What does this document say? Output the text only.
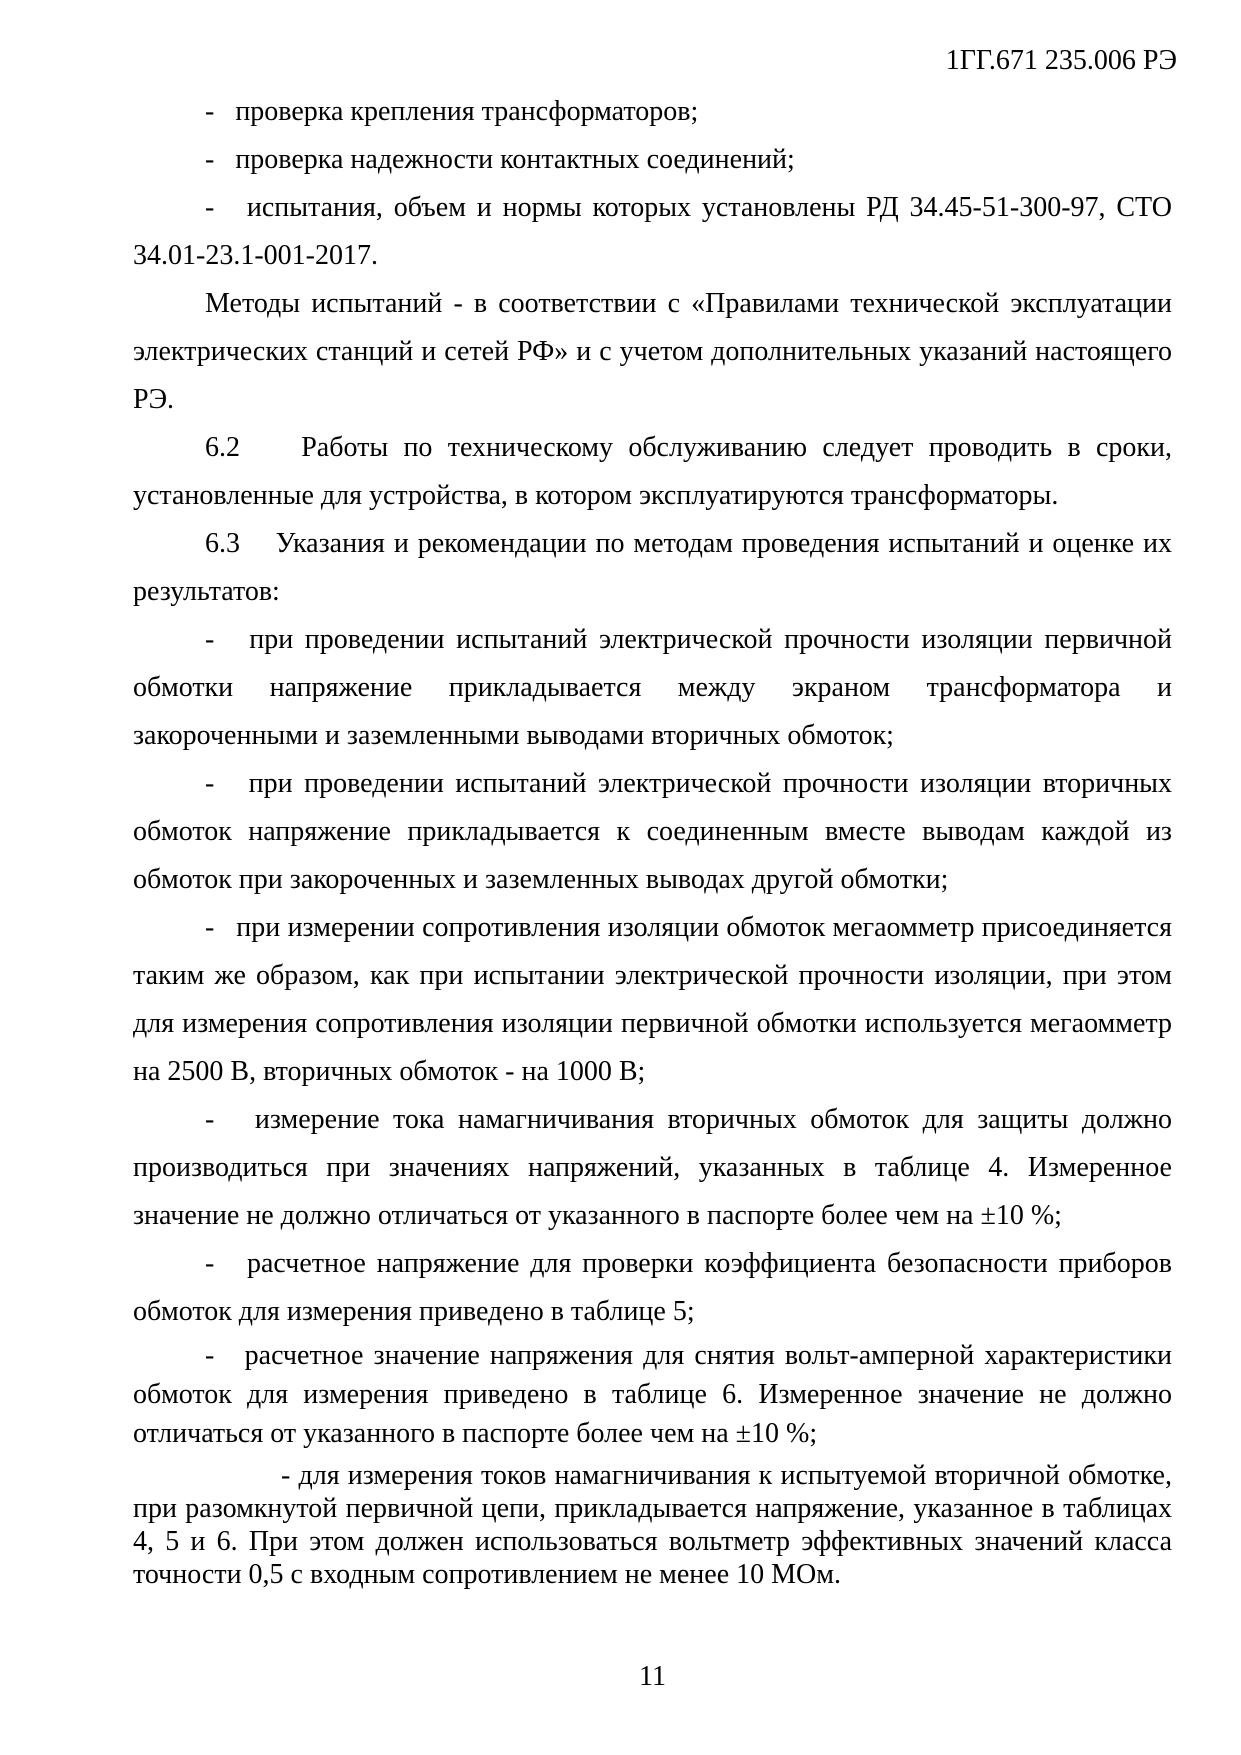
1ГГ.671 235.006 РЭ

-   проверка крепления трансформаторов;

-   проверка надежности контактных соединений;

-   испытания, объем и нормы которых установлены РД 34.45-51-300-97, СТО 34.01-23.1-001-2017.

Методы испытаний - в соответствии с «Правилами технической эксплуатации электрических станций и сетей РФ» и с учетом дополнительных указаний настоящего РЭ.

6.2    Работы по техническому обслуживанию следует проводить в сроки, установленные для устройства, в котором эксплуатируются трансформаторы.

6.3    Указания и рекомендации по методам проведения испытаний и оценке их результатов:

-   при проведении испытаний электрической прочности изоляции первичной обмотки напряжение прикладывается между экраном трансформатора и закороченными и заземленными выводами вторичных обмоток;

-   при проведении испытаний электрической прочности изоляции вторичных обмоток напряжение прикладывается к соединенным вместе выводам каждой из обмоток при закороченных и заземленных выводах другой обмотки;

-   при измерении сопротивления изоляции обмоток мегаомметр присоединяется таким же образом, как при испытании электрической прочности изоляции, при этом для измерения сопротивления изоляции первичной обмотки используется мегаомметр на 2500 В, вторичных обмоток - на 1000 В;

-   измерение тока намагничивания вторичных обмоток для защиты должно производиться при значениях напряжений, указанных в таблице 4. Измеренное значение не должно отличаться от указанного в паспорте более чем на ±10 %;

-   расчетное напряжение для проверки коэффициента безопасности приборов обмоток для измерения приведено в таблице 5;

-   расчетное значение напряжения для снятия вольт-амперной характеристики обмоток для измерения приведено в таблице 6. Измеренное значение не должно отличаться от указанного в паспорте более чем на ±10 %;

- для измерения токов намагничивания к испытуемой вторичной обмотке, при разомкнутой первичной цепи, прикладывается напряжение, указанное в таблицах 4, 5 и 6. При этом должен использоваться вольтметр эффективных значений класса точности 0,5 с входным сопротивлением не менее 10 МОм.

11
